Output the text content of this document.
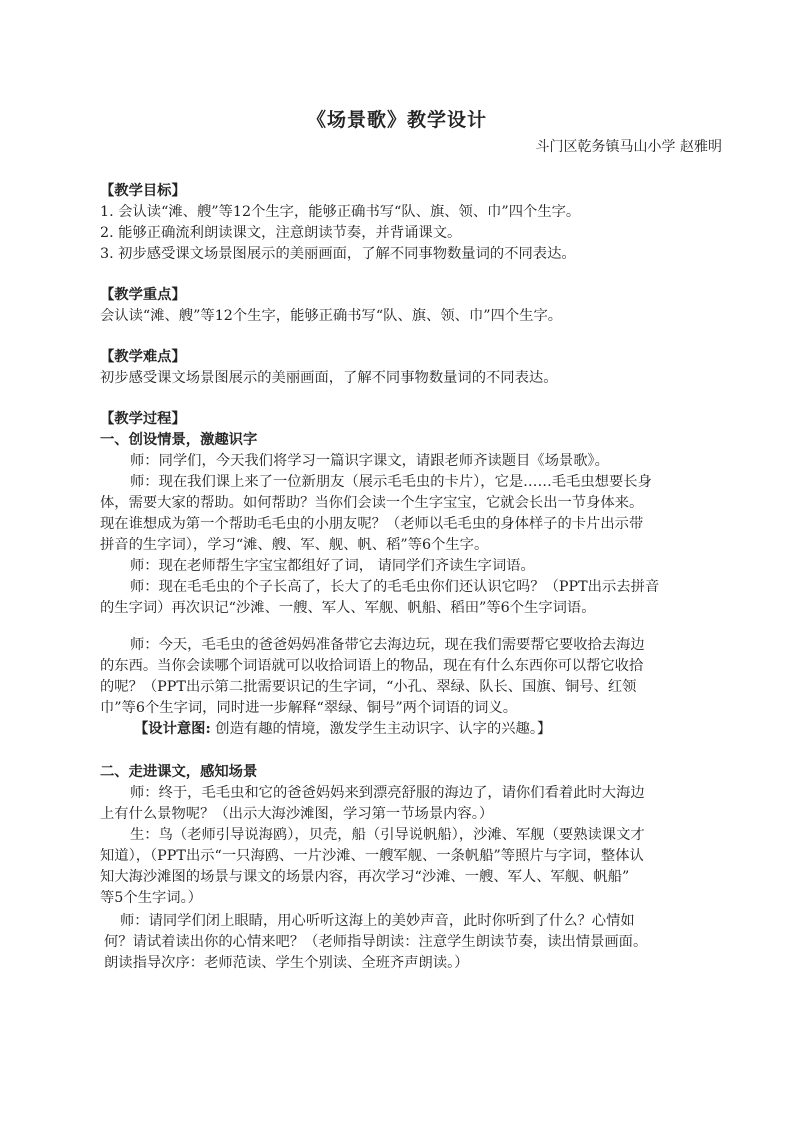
《场景歌》教学设计
斗门区乾务镇马山小学 赵雅明
【教学目标】
1. 会认读“滩、艘”等12个生字，能够正确书写“队、旗、领、巾”四个生字。
2. 能够正确流利朗读课文，注意朗读节奏，并背诵课文。
3. 初步感受课文场景图展示的美丽画面，了解不同事物数量词的不同表达。
【教学重点】
会认读“滩、艘”等12个生字，能够正确书写“队、旗、领、巾”四个生字。
【教学难点】
初步感受课文场景图展示的美丽画面，了解不同事物数量词的不同表达。
【教学过程】
一、创设情景，激趣识字
师：同学们，今天我们将学习一篇识字课文，请跟老师齐读题目《场景歌》。
师：现在我们课上来了一位新朋友（展示毛毛虫的卡片），它是……毛毛虫想要长身
体，需要大家的帮助。如何帮助？当你们会读一个生字宝宝，它就会长出一节身体来。
现在谁想成为第一个帮助毛毛虫的小朋友呢？（老师以毛毛虫的身体样子的卡片出示带
拼音的生字词），学习“滩、艘、军、舰、帆、稻”等6个生字。
师：现在老师帮生字宝宝都组好了词， 请同学们齐读生字词语。
师：现在毛毛虫的个子长高了，长大了的毛毛虫你们还认识它吗？（PPT出示去拼音
的生字词）再次识记“沙滩、一艘、军人、军舰、帆船、稻田”等6个生字词语。
师：今天，毛毛虫的爸爸妈妈准备带它去海边玩，现在我们需要帮它要收拾去海边
的东西。当你会读哪个词语就可以收拾词语上的物品，现在有什么东西你可以帮它收拾
的呢？（PPT出示第二批需要识记的生字词，“小孔、翠绿、队长、国旗、铜号、红领
巾”等6个生字词，同时进一步解释“翠绿、铜号”两个词语的词义。
【设计意图: 创造有趣的情境，激发学生主动识字、认字的兴趣。】
二、走进课文，感知场景
师：终于，毛毛虫和它的爸爸妈妈来到漂亮舒服的海边了，请你们看着此时大海边
上有什么景物呢？（出示大海沙滩图，学习第一节场景内容。）
生：鸟（老师引导说海鸥），贝壳，船（引导说帆船），沙滩、军舰（要熟读课文才
知道），（PPT出示“一只海鸥、一片沙滩、一艘军舰、一条帆船”等照片与字词，整体认
知大海沙滩图的场景与课文的场景内容，再次学习“沙滩、一艘、军人、军舰、帆船”
等5个生字词。）
师：请同学们闭上眼睛，用心听听这海上的美妙声音，此时你听到了什么？心情如
何？请试着读出你的心情来吧？（老师指导朗读：注意学生朗读节奏，读出情景画面。
朗读指导次序：老师范读、学生个别读、全班齐声朗读。）
